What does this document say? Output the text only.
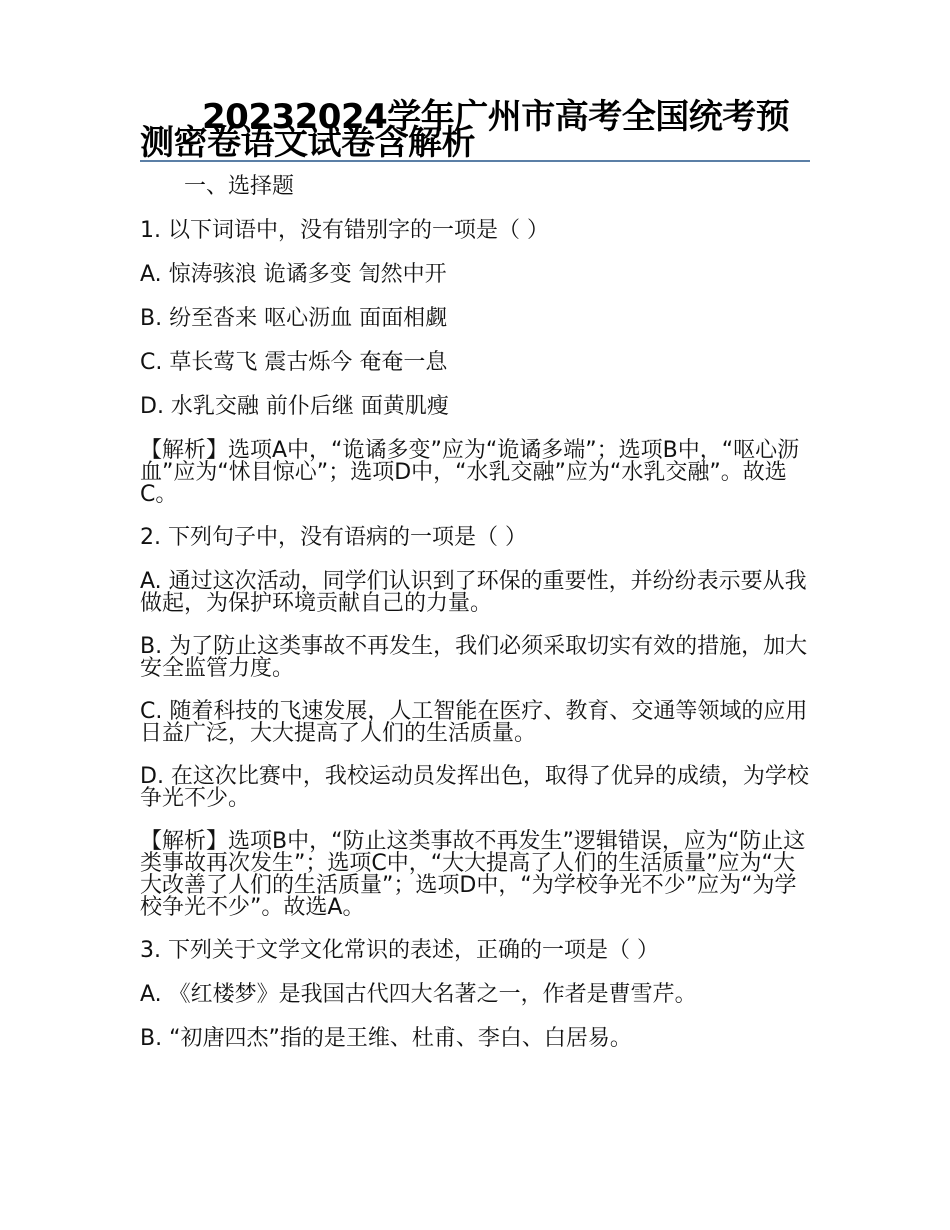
20232024学年广州市高考全国统考预测密卷语文试卷含解析
一、选择题
1. 以下词语中，没有错别字的一项是（ ）
A. 惊涛骇浪 诡谲多变 訇然中开
B. 纷至沓来 呕心沥血 面面相觑
C. 草长莺飞 震古烁今 奄奄一息
D. 水乳交融 前仆后继 面黄肌瘦
【解析】选项A中，“诡谲多变”应为“诡谲多端”；选项B中，“呕心沥血”应为“怵目惊心”；选项D中，“水乳交融”应为“水乳交融”。故选C。
2. 下列句子中，没有语病的一项是（ ）
A. 通过这次活动，同学们认识到了环保的重要性，并纷纷表示要从我做起，为保护环境贡献自己的力量。
B. 为了防止这类事故不再发生，我们必须采取切实有效的措施，加大安全监管力度。
C. 随着科技的飞速发展，人工智能在医疗、教育、交通等领域的应用日益广泛，大大提高了人们的生活质量。
D. 在这次比赛中，我校运动员发挥出色，取得了优异的成绩，为学校争光不少。
【解析】选项B中，“防止这类事故不再发生”逻辑错误，应为“防止这类事故再次发生”；选项C中，“大大提高了人们的生活质量”应为“大大改善了人们的生活质量”；选项D中，“为学校争光不少”应为“为学校争光不少”。故选A。
3. 下列关于文学文化常识的表述，正确的一项是（ ）
A. 《红楼梦》是我国古代四大名著之一，作者是曹雪芹。
B. “初唐四杰”指的是王维、杜甫、李白、白居易。
